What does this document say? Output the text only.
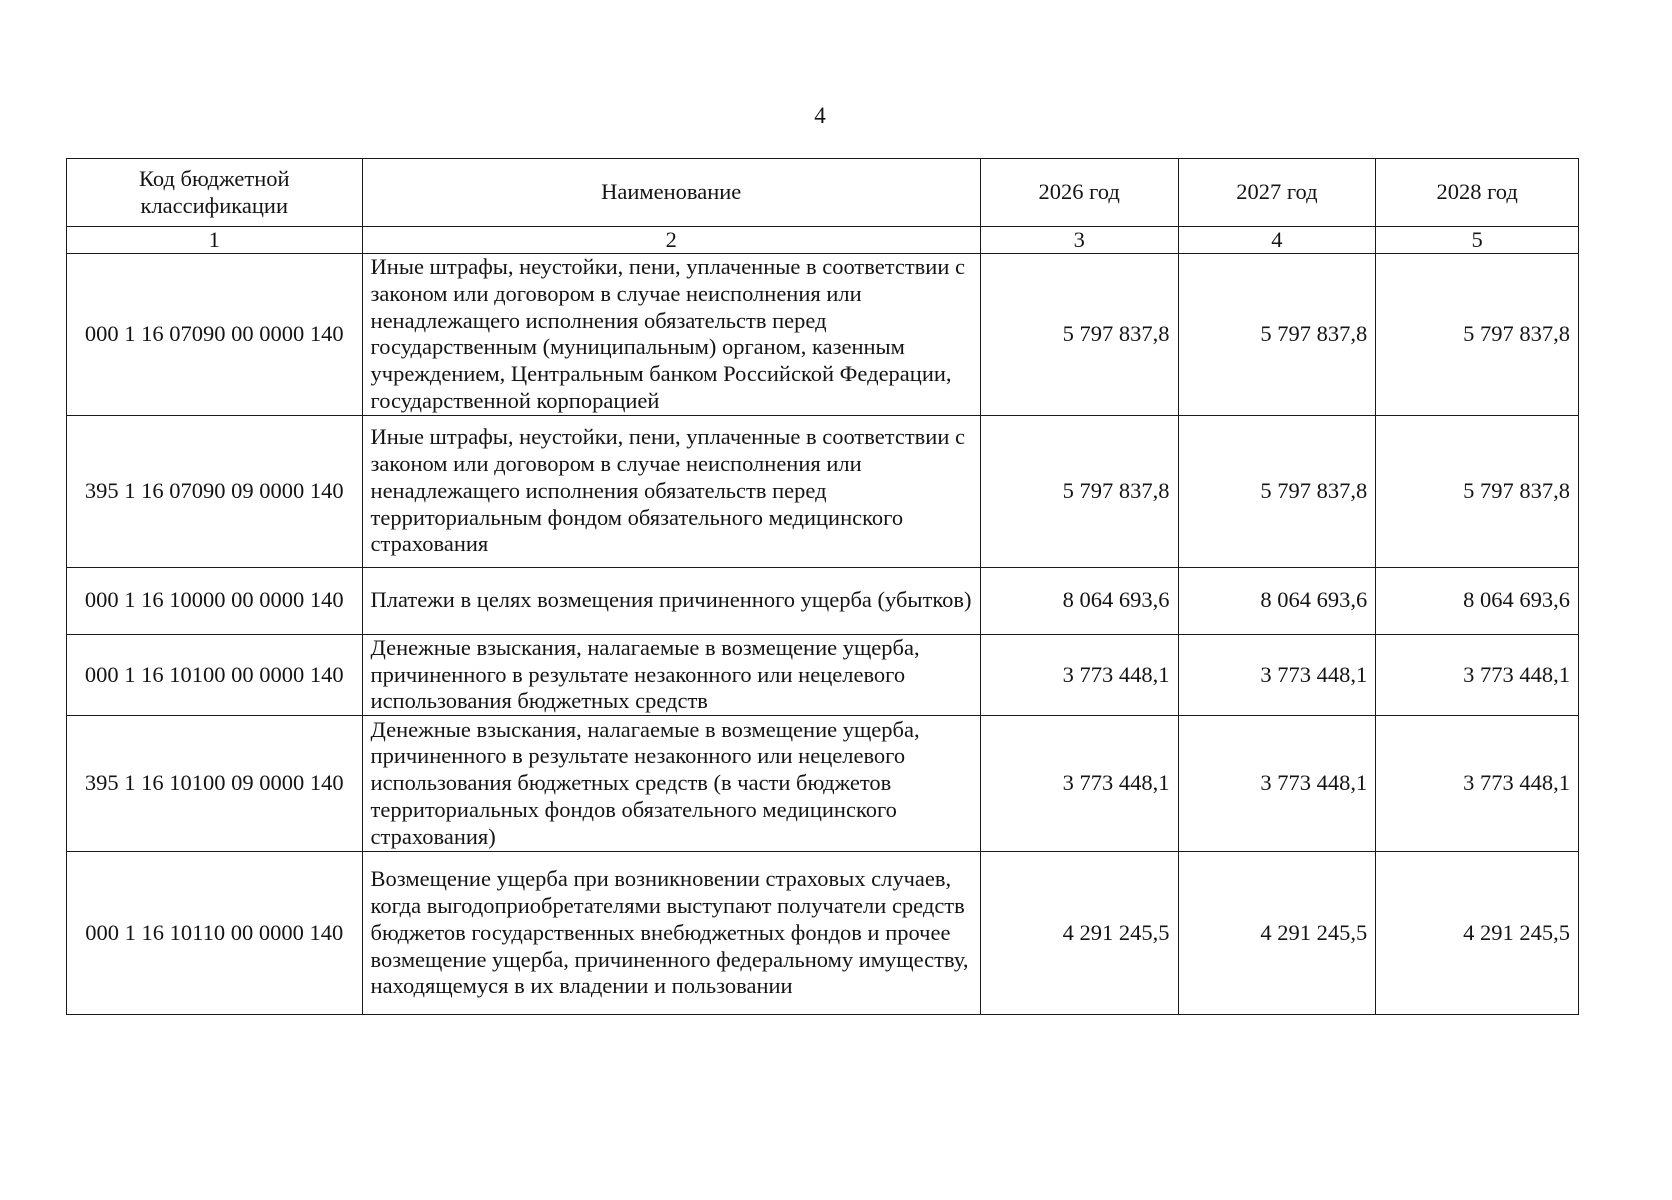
4
Код бюджетной классификации	Наименование	2026 год	2027 год	2028 год
1	2	3	4	5
000 1 16 07090 00 0000 140	Иные штрафы, неустойки, пени, уплаченные в соответствии с законом или договором в случае неисполнения или ненадлежащего исполнения обязательств перед государственным (муниципальным) органом, казенным учреждением, Центральным банком Российской Федерации, государственной корпорацией	5 797 837,8	5 797 837,8	5 797 837,8
395 1 16 07090 09 0000 140	Иные штрафы, неустойки, пени, уплаченные в соответствии с законом или договором в случае неисполнения или ненадлежащего исполнения обязательств перед территориальным фондом обязательного медицинского страхования	5 797 837,8	5 797 837,8	5 797 837,8
000 1 16 10000 00 0000 140	Платежи в целях возмещения причиненного ущерба (убытков)	8 064 693,6	8 064 693,6	8 064 693,6
000 1 16 10100 00 0000 140	Денежные взыскания, налагаемые в возмещение ущерба, причиненного в результате незаконного или нецелевого использования бюджетных средств	3 773 448,1	3 773 448,1	3 773 448,1
395 1 16 10100 09 0000 140	Денежные взыскания, налагаемые в возмещение ущерба, причиненного в результате незаконного или нецелевого использования бюджетных средств (в части бюджетов территориальных фондов обязательного медицинского страхования)	3 773 448,1	3 773 448,1	3 773 448,1
000 1 16 10110 00 0000 140	Возмещение ущерба при возникновении страховых случаев, когда выгодоприобретателями выступают получатели средств бюджетов государственных внебюджетных фондов и прочее возмещение ущерба, причиненного федеральному имуществу, находящемуся в их владении и пользовании	4 291 245,5	4 291 245,5	4 291 245,5
